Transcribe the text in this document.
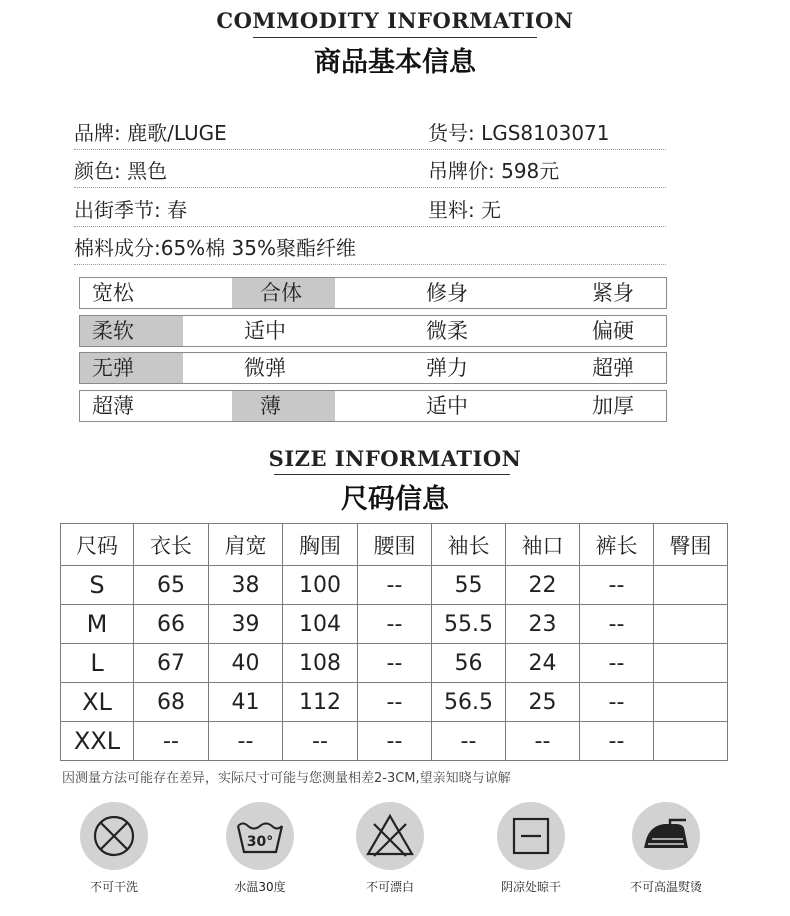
COMMODITY INFORMATION
商品基本信息
品牌: 鹿歌/LUGE	货号: LGS8103071
颜色: 黑色	吊牌价: 598元
出街季节: 春	里料: 无
棉料成分:65%棉 35%聚酯纤维
宽松	合体	修身	紧身
柔软	适中	微柔	偏硬
无弹	微弹	弹力	超弹
超薄	薄	适中	加厚
SIZE INFORMATION
尺码信息
尺码	衣长	肩宽	胸围	腰围	袖长	袖口	裤长	臀围
S	65	38	100	--	55	22	--	
M	66	39	104	--	55.5	23	--	
L	67	40	108	--	56	24	--	
XL	68	41	112	--	56.5	25	--	
XXL	--	--	--	--	--	--	--	
因测量方法可能存在差异，实际尺寸可能与您测量相差2-3CM,望亲知晓与谅解
不可干洗
30°
水温30度	不可漂白	阴凉处晾干	不可高温熨烫
